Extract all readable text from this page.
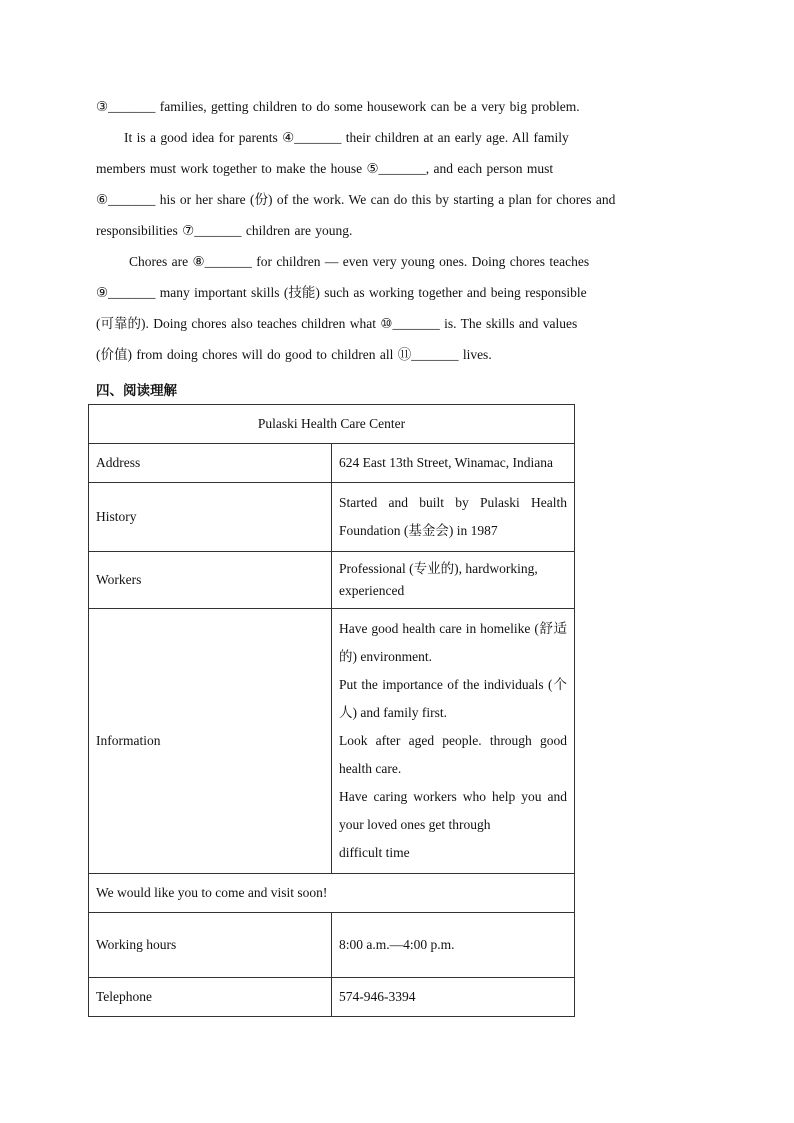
③_______ families, getting children to do some housework can be a very big problem.
It is a good idea for parents ④_______ their children at an early age. All family
members must work together to make the house ⑤_______, and each person must
⑥_______ his or her share (份) of the work. We can do this by starting a plan for chores and
responsibilities ⑦_______ children are young.
Chores are ⑧_______ for children — even very young ones. Doing chores teaches
⑨_______ many important skills (技能) such as working together and being responsible
(可靠的). Doing chores also teaches children what ⑩_______ is. The skills and values
(价值) from doing chores will do good to children all ⑪_______ lives.
四、阅读理解
Pulaski Health Care Center	
Address	624 East 13th Street, Winamac, Indiana
History	Started and built by Pulaski Health Foundation (基金会) in 1987
Workers	Professional (专业的), hardworking, experienced
Information	Have good health care in homelike (舒适的) environment.
Put the importance of the individuals (个人) and family first.
Look after aged people. through good health care.
Have caring workers who help you and your loved ones get through
difficult time

We would like you to come and visit soon!	
Working hours	8:00 a.m.—4:00 p.m.
Telephone	574-946-3394
